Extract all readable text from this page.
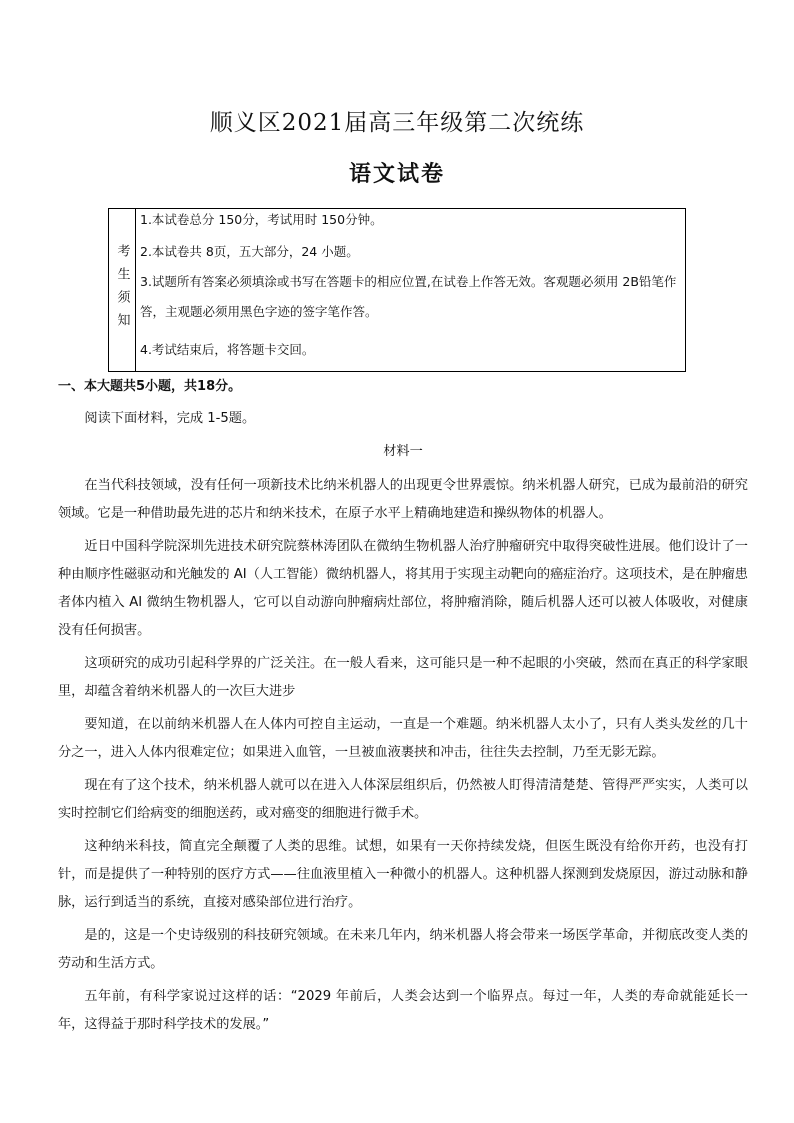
顺义区2021届高三年级第二次统练
语文试卷
考生须知

1.本试卷总分 150分，考试用时 150分钟。

2.本试卷共 8页，五大部分，24 小题。

3.试题所有答案必须填涂或书写在答题卡的相应位置,在试卷上作答无效。客观题必须用 2B铅笔作答，主观题必须用黑色字迹的签字笔作答。

4.考试结束后，将答题卡交回。

一、本大题共5小题，共18分。

阅读下面材料，完成 1-5题。

材料一

在当代科技领域，没有任何一项新技术比纳米机器人的出现更令世界震惊。纳米机器人研究，已成为最前沿的研究领域。它是一种借助最先进的芯片和纳米技术，在原子水平上精确地建造和操纵物体的机器人。

近日中国科学院深圳先进技术研究院蔡林涛团队在微纳生物机器人治疗肿瘤研究中取得突破性进展。他们设计了一种由顺序性磁驱动和光触发的 AI（人工智能）微纳机器人，将其用于实现主动靶向的癌症治疗。这项技术，是在肿瘤患者体内植入 AI 微纳生物机器人，它可以自动游向肿瘤病灶部位，将肿瘤消除，随后机器人还可以被人体吸收，对健康没有任何损害。

这项研究的成功引起科学界的广泛关注。在一般人看来，这可能只是一种不起眼的小突破，然而在真正的科学家眼里，却蕴含着纳米机器人的一次巨大进步

要知道，在以前纳米机器人在人体内可控自主运动，一直是一个难题。纳米机器人太小了，只有人类头发丝的几十分之一，进入人体内很难定位；如果进入血管，一旦被血液裹挟和冲击，往往失去控制，乃至无影无踪。

现在有了这个技术，纳米机器人就可以在进入人体深层组织后，仍然被人盯得清清楚楚、管得严严实实，人类可以实时控制它们给病变的细胞送药，或对癌变的细胞进行微手术。

这种纳米科技，简直完全颠覆了人类的思维。试想，如果有一天你持续发烧，但医生既没有给你开药，也没有打针，而是提供了一种特别的医疗方式——往血液里植入一种微小的机器人。这种机器人探测到发烧原因，游过动脉和静脉，运行到适当的系统，直接对感染部位进行治疗。

是的，这是一个史诗级别的科技研究领域。在未来几年内，纳米机器人将会带来一场医学革命，并彻底改变人类的劳动和生活方式。

五年前，有科学家说过这样的话：“2029 年前后，人类会达到一个临界点。每过一年，人类的寿命就能延长一年，这得益于那时科学技术的发展。”
